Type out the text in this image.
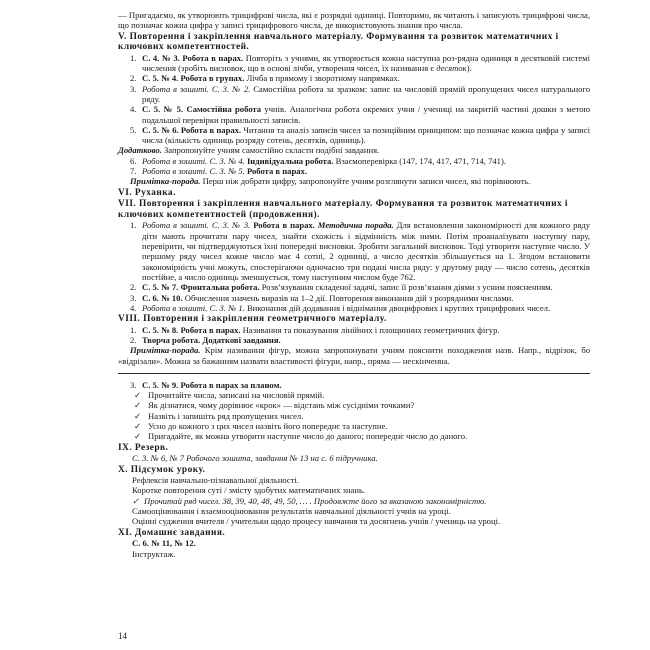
— Пригадаємо, як утворюють трицифрові числа, які є розрядні одиниці. Повторимо, як читають і записують трицифрові числа, що позначає кожна цифра у записі трицифрового числа, де використовують знання про числа.

V. Повторення і закріплення навчального матеріалу. Формування та розвиток математичних і ключових компетентностей.
1. С. 4. № 3. Робота в парах. Повторіть з учнями, як утворюється кожна наступна роз-рядна одиниця в десятковій системі числення (зробіть висновок, що в основі лічби, утворення чисел, їх називання є десяток).
2. С. 5. № 4. Робота в групах. Лічба в прямому і зворотному напрямках.
3. Робота в зошиті. С. 3. № 2. Самостійна робота за зразком: запис на числовій прямій пропущених чисел натурального ряду.
4. С. 5. № 5. Самостійна робота учнів. Аналогічна робота окремих учня / учениці на закритій частині дошки з метою подальшої перевірки правильності записів.
5. С. 5. № 6. Робота в парах. Читання та аналіз записів чисел за позиційним принципом: що позначає кожна цифра у записі числа (кількість одиниць розряду сотень, десятків, одиниць).

Додатково. Запропонуйте учням самостійно скласти подібні завдання.

6. Робота в зошиті. С. 3. № 4. Індивідуальна робота. Взаємоперевірка (147, 174, 417, 471, 714, 741).
7. Робота в зошиті. С. 3. № 5. Робота в парах.

Примітка-порада. Перш ніж добрати цифру, запропонуйте учням розглянути записи чисел, які порівнюють.

VI. Руханка.
VII. Повторення і закріплення навчального матеріалу. Формування та розвиток математичних і ключових компетентностей (продовження).
1. Робота в зошиті. С. 3. № 3. Робота в парах. Методична порада. Для встановлення закономірності для кожного ряду діти мають прочитати пару чисел, знайти схожість і відмінність між ними. Потім проаналізувати наступну пару, перевірити, чи підтверджуються їхні попередні висновки. Зробити загальний висновок. Тоді утворити наступне число. У першому ряду чисел кожне число має 4 сотні, 2 одиниці, а число десятків збільшується на 1. Згодом встановити закономірність учні можуть, спостерігаючи одночасно три подані числа ряду: у другому ряду — число сотень, десятків постійне, а число одиниць зменшується, тому наступним числом буде 762.
2. С. 5. № 7. Фронтальна робота. Розв’язування складеної задачі, запис її розв’язання діями з усним поясненням.
3. С. 6. № 10. Обчислення значень виразів на 1–2 дії. Повторення виконання дій з розрядними числами.
4. Робота в зошиті. С. 3. № 1. Виконання дій додавання і віднімання двоцифрових і круглих трицифрових чисел.
VIII. Повторення і закріплення геометричного матеріалу.
1. С. 5. № 8. Робота в парах. Називання та показування лінійних і площинних геометричних фігур.
2. Творча робота. Додаткові завдання.

Примітка-порада. Крім називання фігур, можна запропонувати учням пояснити походження назв. Напр., відрізок, бо «відрізали». Можна за бажанням назвати властивості фігури, напр., пряма — нескінченна.

3. С. 5. № 9. Робота в парах за планом.
✓ Прочитайте числа, записані на числовій прямій.
✓ Як дізнатися, чому дорівнює «крок» — відстань між сусідніми точками?
✓ Назвіть і запишіть ряд пропущених чисел.
✓ Усно до кожного з цих чисел назвіть його попереднє та наступне.
✓ Пригадайте, як можна утворити наступне число до даного; попереднє число до даного.
IX. Резерв.

С. 3. № 6, № 7 Робочого зошита, завдання № 13 на с. 6 підручника.

X. Підсумок уроку.

Рефлексія навчально-пізнавальної діяльності.

Коротке повторення суті / змісту здобутих математичних знань.

✓ Прочитай ряд чисел. 38, 39, 40, 48, 49, 50, … . Продовжте його за вказаною закономірністю.

Самооцінювання і взаємооцінювання результатів навчальної діяльності учнів на уроці.

Оцінні судження вчителя / учительки щодо процесу навчання та досягнень учнів / учениць на уроці.

XI. Домашнє завдання.

С. 6. № 11, № 12.

Інструктаж.

14
